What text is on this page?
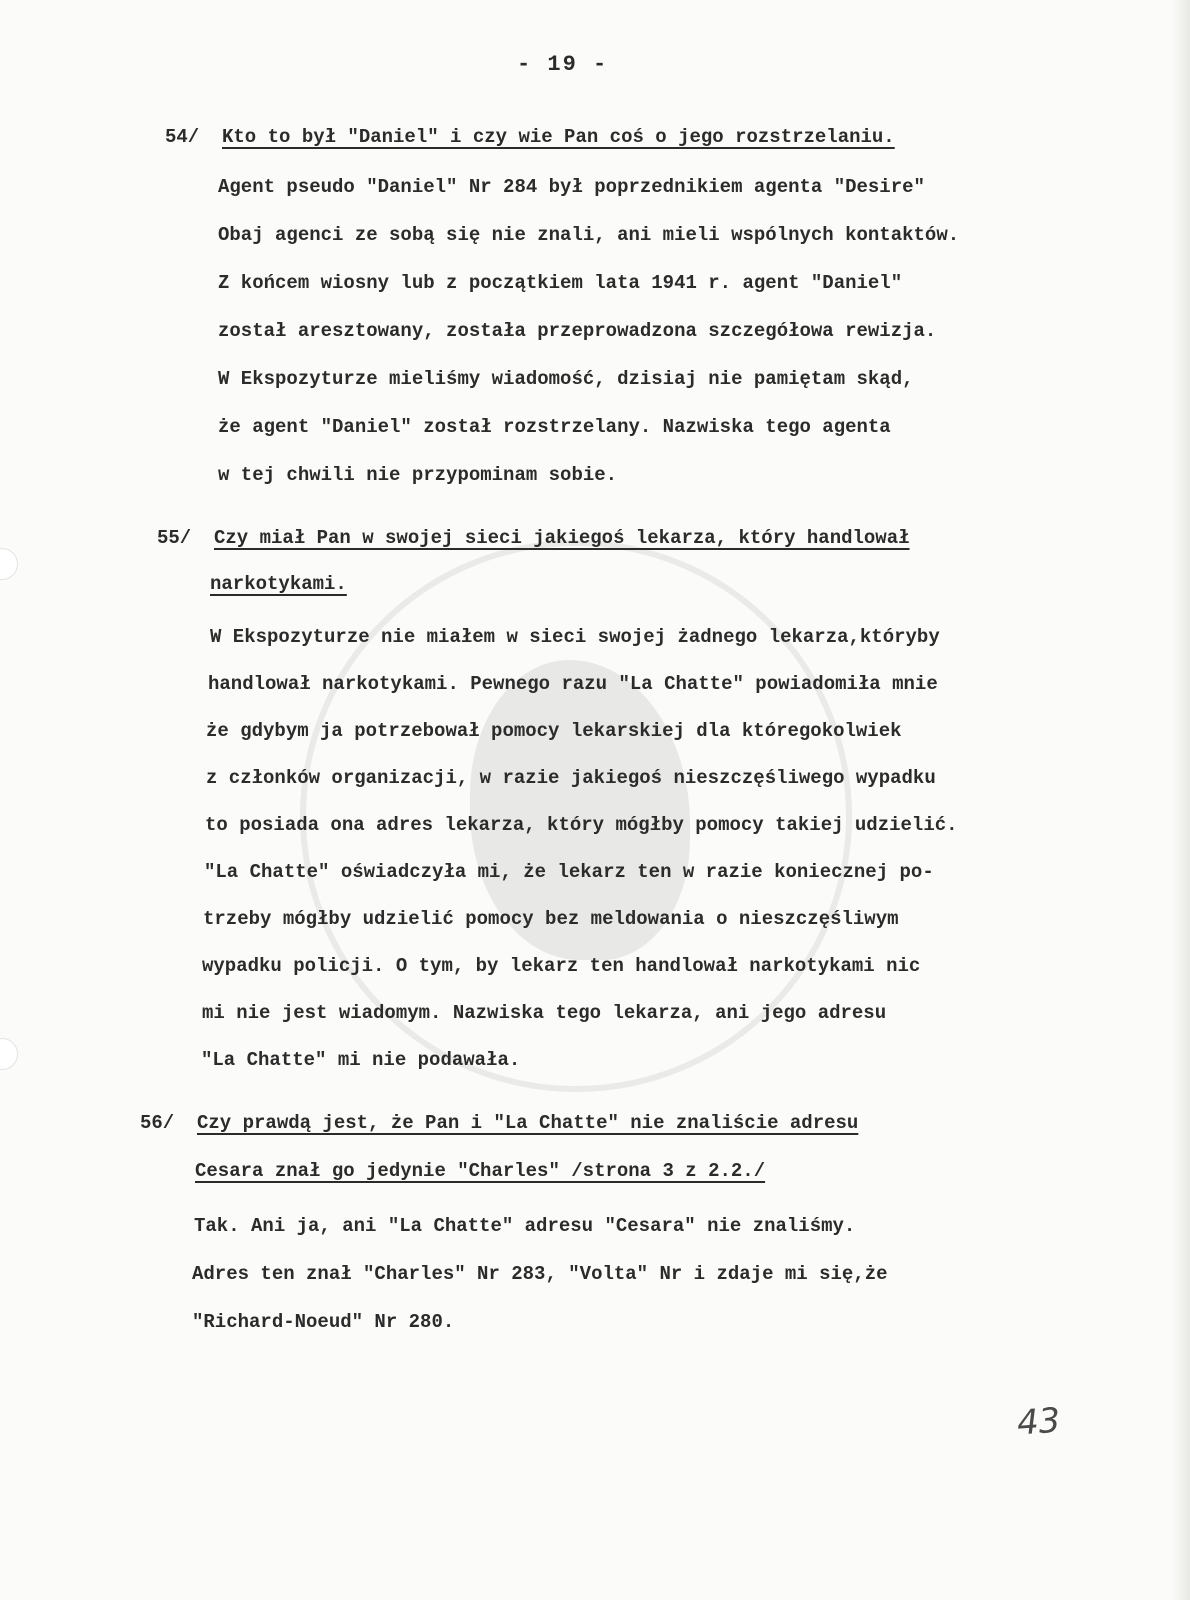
- 19 -
54/ Kto to był "Daniel" i czy wie Pan coś o jego rozstrzelaniu.
Agent pseudo "Daniel" Nr 284 był poprzednikiem agenta "Desire"
Obaj agenci ze sobą się nie znali, ani mieli wspólnych kontaktów.
Z końcem wiosny lub z początkiem lata 1941 r. agent "Daniel"
został aresztowany, została przeprowadzona szczegółowa rewizja.
W Ekspozyturze mieliśmy wiadomość, dzisiaj nie pamiętam skąd,
że agent "Daniel" został rozstrzelany. Nazwiska tego agenta
w tej chwili nie przypominam sobie.
55/ Czy miał Pan w swojej sieci jakiegoś lekarza, który handlował
narkotykami.
W Ekspozyturze nie miałem w sieci swojej żadnego lekarza,któryby
handlował narkotykami. Pewnego razu "La Chatte" powiadomiła mnie
że gdybym ja potrzebował pomocy lekarskiej dla któregokolwiek
z członków organizacji, w razie jakiegoś nieszczęśliwego wypadku
to posiada ona adres lekarza, który mógłby pomocy takiej udzielić.
"La Chatte" oświadczyła mi, że lekarz ten w razie koniecznej po-
trzeby mógłby udzielić pomocy bez meldowania o nieszczęśliwym
wypadku policji. O tym, by lekarz ten handlował narkotykami nic
mi nie jest wiadomym. Nazwiska tego lekarza, ani jego adresu
"La Chatte" mi nie podawała.
56/ Czy prawdą jest, że Pan i "La Chatte" nie znaliście adresu
Cesara znał go jedynie "Charles" /strona 3 z 2.2./
Tak. Ani ja, ani "La Chatte" adresu "Cesara" nie znaliśmy.
Adres ten znał "Charles" Nr 283, "Volta" Nr i zdaje mi się,że
"Richard-Noeud" Nr 280.
43
